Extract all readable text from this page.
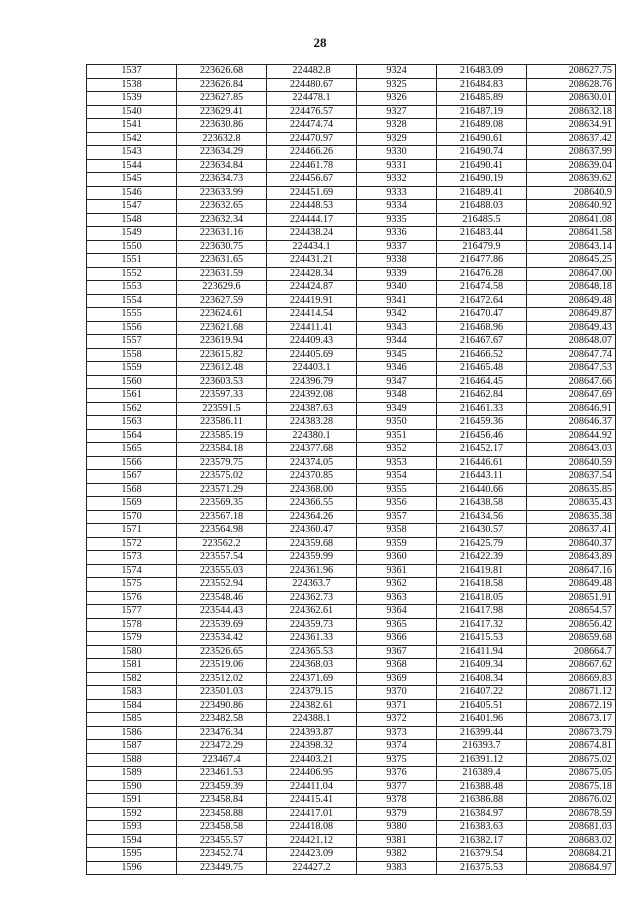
28
1537	223626.68	224482.8	9324	216483.09	208627.75
1538	223626.84	224480.67	9325	216484.83	208628.76
1539	223627.85	224478.1	9326	216485.89	208630.01
1540	223629.41	224476.57	9327	216487.19	208632.18
1541	223630.86	224474.74	9328	216489.08	208634.91
1542	223632.8	224470.97	9329	216490.61	208637.42
1543	223634.29	224466.26	9330	216490.74	208637.99
1544	223634.84	224461.78	9331	216490.41	208639.04
1545	223634.73	224456.67	9332	216490.19	208639.62
1546	223633.99	224451.69	9333	216489.41	208640.9
1547	223632.65	224448.53	9334	216488.03	208640.92
1548	223632.34	224444.17	9335	216485.5	208641.08
1549	223631.16	224438.24	9336	216483.44	208641.58
1550	223630.75	224434.1	9337	216479.9	208643.14
1551	223631.65	224431.21	9338	216477.86	208645.25
1552	223631.59	224428.34	9339	216476.28	208647.00
1553	223629.6	224424.87	9340	216474.58	208648.18
1554	223627.59	224419.91	9341	216472.64	208649.48
1555	223624.61	224414.54	9342	216470.47	208649.87
1556	223621.68	224411.41	9343	216468.96	208649.43
1557	223619.94	224409.43	9344	216467.67	208648.07
1558	223615.82	224405.69	9345	216466.52	208647.74
1559	223612.48	224403.1	9346	216465.48	208647.53
1560	223603.53	224396.79	9347	216464.45	208647.66
1561	223597.33	224392.08	9348	216462.84	208647.69
1562	223591.5	224387.63	9349	216461.33	208646.91
1563	223586.11	224383.28	9350	216459.36	208646.37
1564	223585.19	224380.1	9351	216456.46	208644.92
1565	223584.18	224377.68	9352	216452.17	208643.03
1566	223579.75	224374.05	9353	216446.61	208640.59
1567	223575.02	224370.85	9354	216443.11	208637.54
1568	223571.29	224368.00	9355	216440.66	208635.85
1569	223569.35	224366.55	9356	216438.58	208635.43
1570	223567.18	224364.26	9357	216434.56	208635.38
1571	223564.98	224360.47	9358	216430.57	208637.41
1572	223562.2	224359.68	9359	216425.79	208640.37
1573	223557.54	224359.99	9360	216422.39	208643.89
1574	223555.03	224361.96	9361	216419.81	208647.16
1575	223552.94	224363.7	9362	216418.58	208649.48
1576	223548.46	224362.73	9363	216418.05	208651.91
1577	223544.43	224362.61	9364	216417.98	208654.57
1578	223539.69	224359.73	9365	216417.32	208656.42
1579	223534.42	224361.33	9366	216415.53	208659.68
1580	223526.65	224365.53	9367	216411.94	208664.7
1581	223519.06	224368.03	9368	216409.34	208667.62
1582	223512.02	224371.69	9369	216408.34	208669.83
1583	223501.03	224379.15	9370	216407.22	208671.12
1584	223490.86	224382.61	9371	216405.51	208672.19
1585	223482.58	224388.1	9372	216401.96	208673.17
1586	223476.34	224393.87	9373	216399.44	208673.79
1587	223472.29	224398.32	9374	216393.7	208674.81
1588	223467.4	224403.21	9375	216391.12	208675.02
1589	223461.53	224406.95	9376	216389.4	208675.05
1590	223459.39	224411.04	9377	216388.48	208675.18
1591	223458.84	224415.41	9378	216386.88	208676.02
1592	223458.88	224417.01	9379	216384.97	208678.59
1593	223458.58	224418.08	9380	216383.63	208681.03
1594	223455.57	224421.12	9381	216382.17	208683.02
1595	223452.74	224423.09	9382	216379.54	208684.21
1596	223449.75	224427.2	9383	216375.53	208684.97
